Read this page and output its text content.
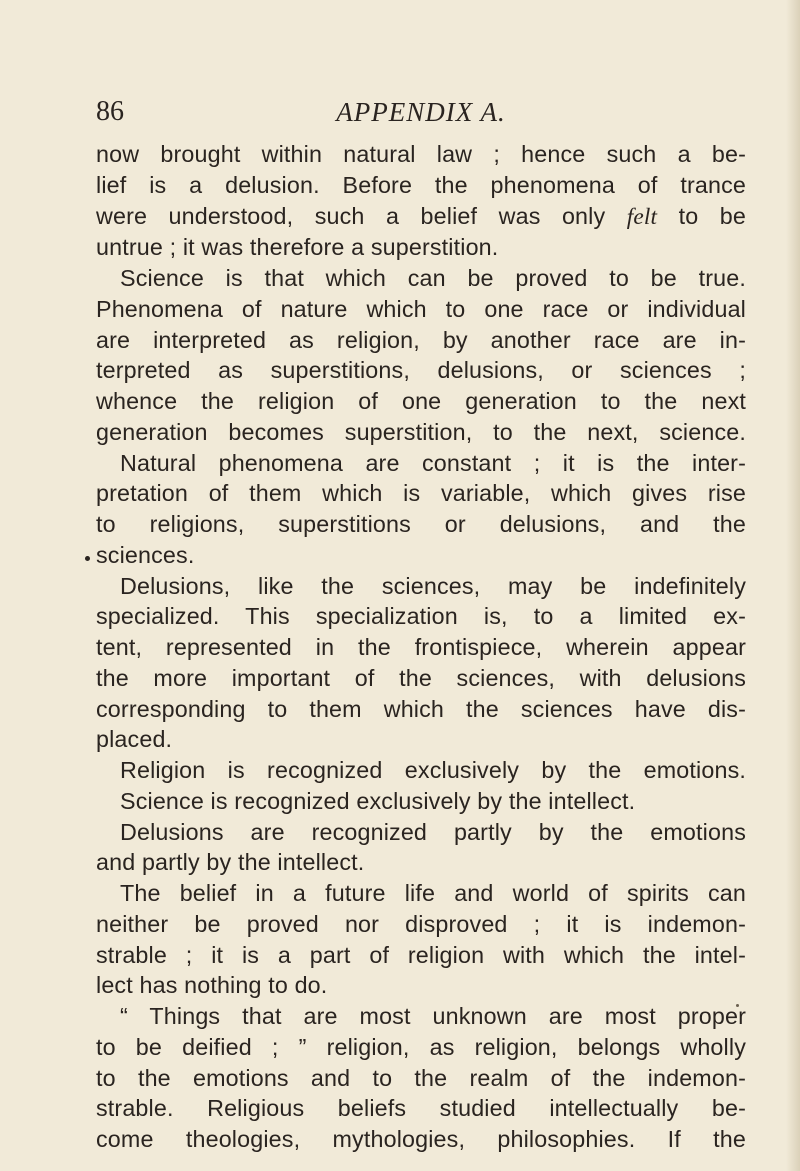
86	APPENDIX A.
now brought within natural law ; hence such a be-
lief is a delusion. Before the phenomena of trance
were understood, such a belief was only felt to be
untrue ; it was therefore a superstition.
Science is that which can be proved to be true.
Phenomena of nature which to one race or individual
are interpreted as religion, by another race are in-
terpreted as superstitions, delusions, or sciences ;
whence the religion of one generation to the next
generation becomes superstition, to the next, science.
Natural phenomena are constant ; it is the inter-
pretation of them which is variable, which gives rise
to religions, superstitions or delusions, and the
sciences.
Delusions, like the sciences, may be indefinitely
specialized. This specialization is, to a limited ex-
tent, represented in the frontispiece, wherein appear
the more important of the sciences, with delusions
corresponding to them which the sciences have dis-
placed.
Religion is recognized exclusively by the emotions.
Science is recognized exclusively by the intellect.
Delusions are recognized partly by the emotions
and partly by the intellect.
The belief in a future life and world of spirits can
neither be proved nor disproved ; it is indemon-
strable ; it is a part of religion with which the intel-
lect has nothing to do.
“ Things that are most unknown are most proper
to be deified ; ” religion, as religion, belongs wholly
to the emotions and to the realm of the indemon-
strable. Religious beliefs studied intellectually be-
come theologies, mythologies, philosophies. If the
